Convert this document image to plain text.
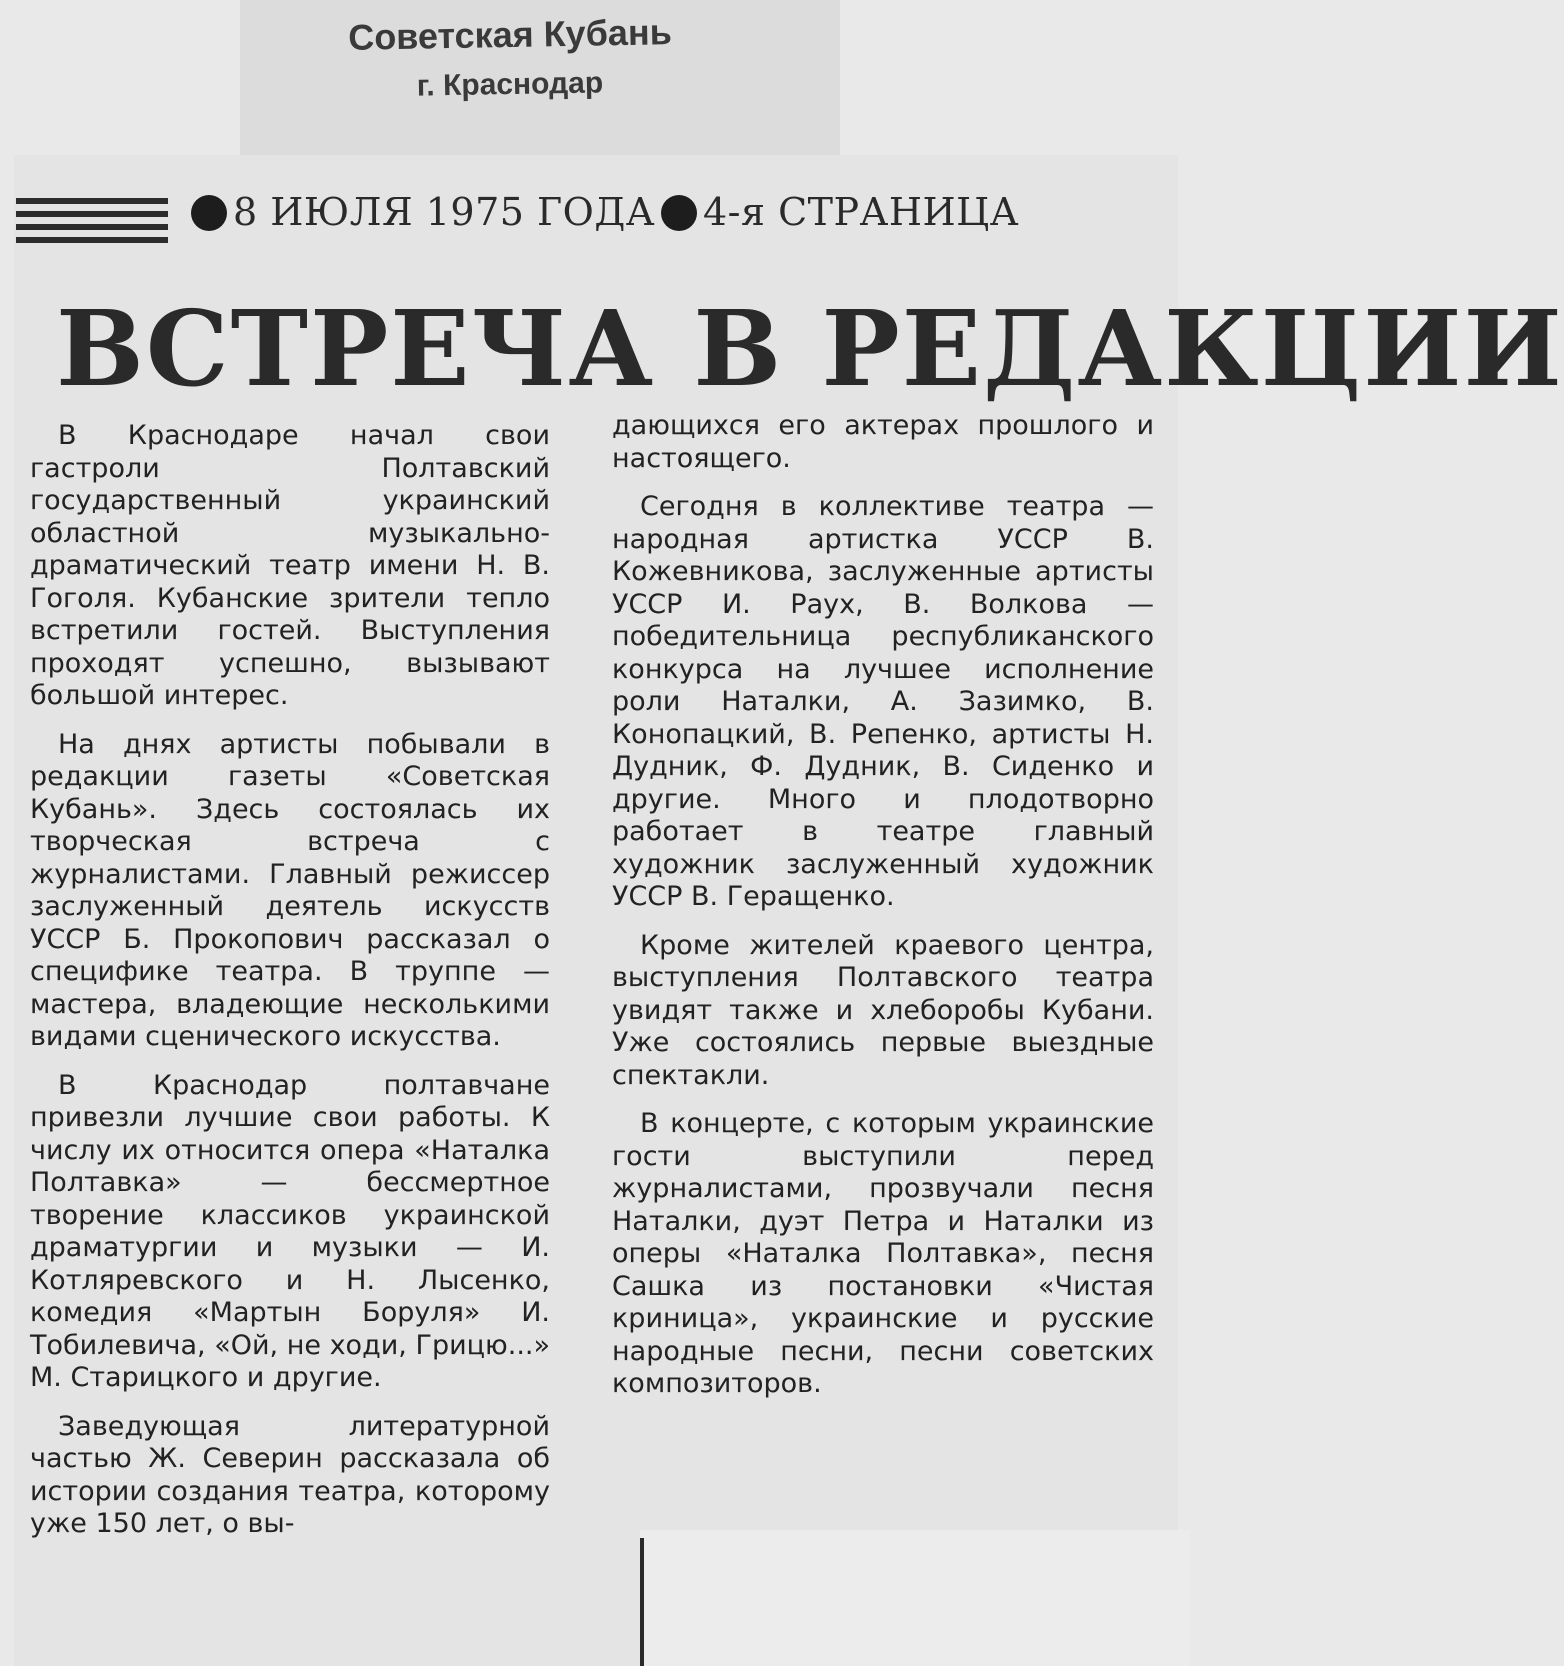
Советская Кубань
г. Краснодар
8 ИЮЛЯ 1975 ГОДА 4-я СТРАНИЦА
ВСТРЕЧА В РЕДАКЦИИ

В Краснодаре начал свои гастроли Полтавский государственный украинский областной музыкально-драматический театр имени Н. В. Гоголя. Кубанские зрители тепло встретили гостей. Выступления проходят успешно, вызывают большой интерес.

На днях артисты побывали в редакции газеты «Советская Кубань». Здесь состоялась их творческая встреча с журналистами. Главный режиссер заслуженный деятель искусств УССР Б. Прокопович рассказал о специфике театра. В труппе — мастера, владеющие несколькими видами сценического искусства.

В Краснодар полтавчане привезли лучшие свои работы. К числу их относится опера «Наталка Полтавка» — бессмертное творение классиков украинской драматургии и музыки — И. Котляревского и Н. Лысенко, комедия «Мартын Боруля» И. Тобилевича, «Ой, не ходи, Грицю...» М. Старицкого и другие.

Заведующая литературной частью Ж. Северин рассказала об истории создания театра, которому уже 150 лет, о вы-

дающихся его актерах прошлого и настоящего.

Сегодня в коллективе театра — народная артистка УССР В. Кожевникова, заслуженные артисты УССР И. Раух, В. Волкова — победительница республиканского конкурса на лучшее исполнение роли Наталки, А. Зазимко, В. Конопацкий, В. Репенко, артисты Н. Дудник, Ф. Дудник, В. Сиденко и другие. Много и плодотворно работает в театре главный художник заслуженный художник УССР В. Геращенко.

Кроме жителей краевого центра, выступления Полтавского театра увидят также и хлеборобы Кубани. Уже состоялись первые выездные спектакли.

В концерте, с которым украинские гости выступили перед журналистами, прозвучали песня Наталки, дуэт Петра и Наталки из оперы «Наталка Полтавка», песня Сашка из постановки «Чистая криница», украинские и русские народные песни, песни советских композиторов.
